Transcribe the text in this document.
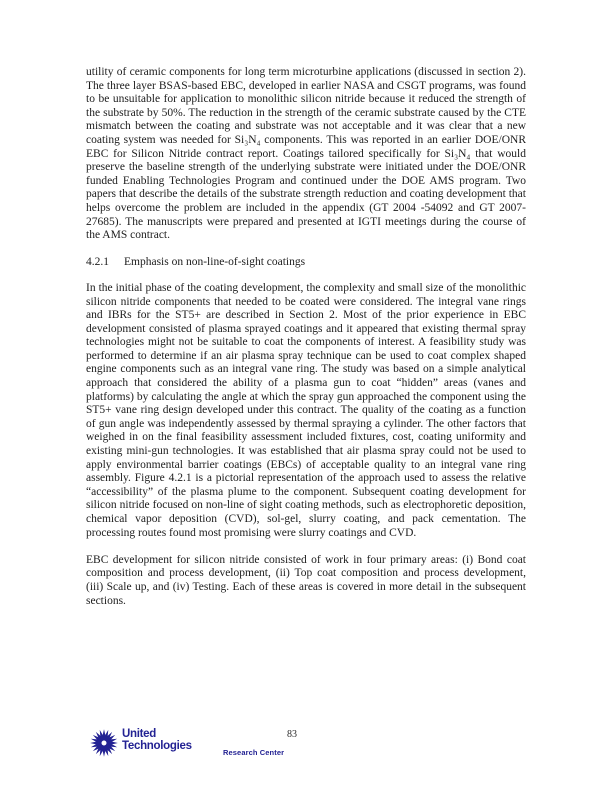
utility of ceramic components for long term microturbine applications (discussed in section 2). The three layer BSAS-based EBC, developed in earlier NASA and CSGT programs, was found to be unsuitable for application to monolithic silicon nitride because it reduced the strength of the substrate by 50%. The reduction in the strength of the ceramic substrate caused by the CTE mismatch between the coating and substrate was not acceptable and it was clear that a new coating system was needed for Si₃N₄ components. This was reported in an earlier DOE/ONR EBC for Silicon Nitride contract report. Coatings tailored specifically for Si₃N₄ that would preserve the baseline strength of the underlying substrate were initiated under the DOE/ONR funded Enabling Technologies Program and continued under the DOE AMS program. Two papers that describe the details of the substrate strength reduction and coating development that helps overcome the problem are included in the appendix (GT 2004 -54092 and GT 2007-27685). The manuscripts were prepared and presented at IGTI meetings during the course of the AMS contract.

4.2.1 Emphasis on non-line-of-sight coatings

In the initial phase of the coating development, the complexity and small size of the monolithic silicon nitride components that needed to be coated were considered. The integral vane rings and IBRs for the ST5+ are described in Section 2. Most of the prior experience in EBC development consisted of plasma sprayed coatings and it appeared that existing thermal spray technologies might not be suitable to coat the components of interest. A feasibility study was performed to determine if an air plasma spray technique can be used to coat complex shaped engine components such as an integral vane ring. The study was based on a simple analytical approach that considered the ability of a plasma gun to coat “hidden” areas (vanes and platforms) by calculating the angle at which the spray gun approached the component using the ST5+ vane ring design developed under this contract. The quality of the coating as a function of gun angle was independently assessed by thermal spraying a cylinder. The other factors that weighed in on the final feasibility assessment included fixtures, cost, coating uniformity and existing mini-gun technologies. It was established that air plasma spray could not be used to apply environmental barrier coatings (EBCs) of acceptable quality to an integral vane ring assembly. Figure 4.2.1 is a pictorial representation of the approach used to assess the relative “accessibility” of the plasma plume to the component. Subsequent coating development for silicon nitride focused on non-line of sight coating methods, such as electrophoretic deposition, chemical vapor deposition (CVD), sol-gel, slurry coating, and pack cementation. The processing routes found most promising were slurry coatings and CVD.

EBC development for silicon nitride consisted of work in four primary areas: (i) Bond coat composition and process development, (ii) Top coat composition and process development, (iii) Scale up, and (iv) Testing. Each of these areas is covered in more detail in the subsequent sections.

United
Technologies
Research Center
83
